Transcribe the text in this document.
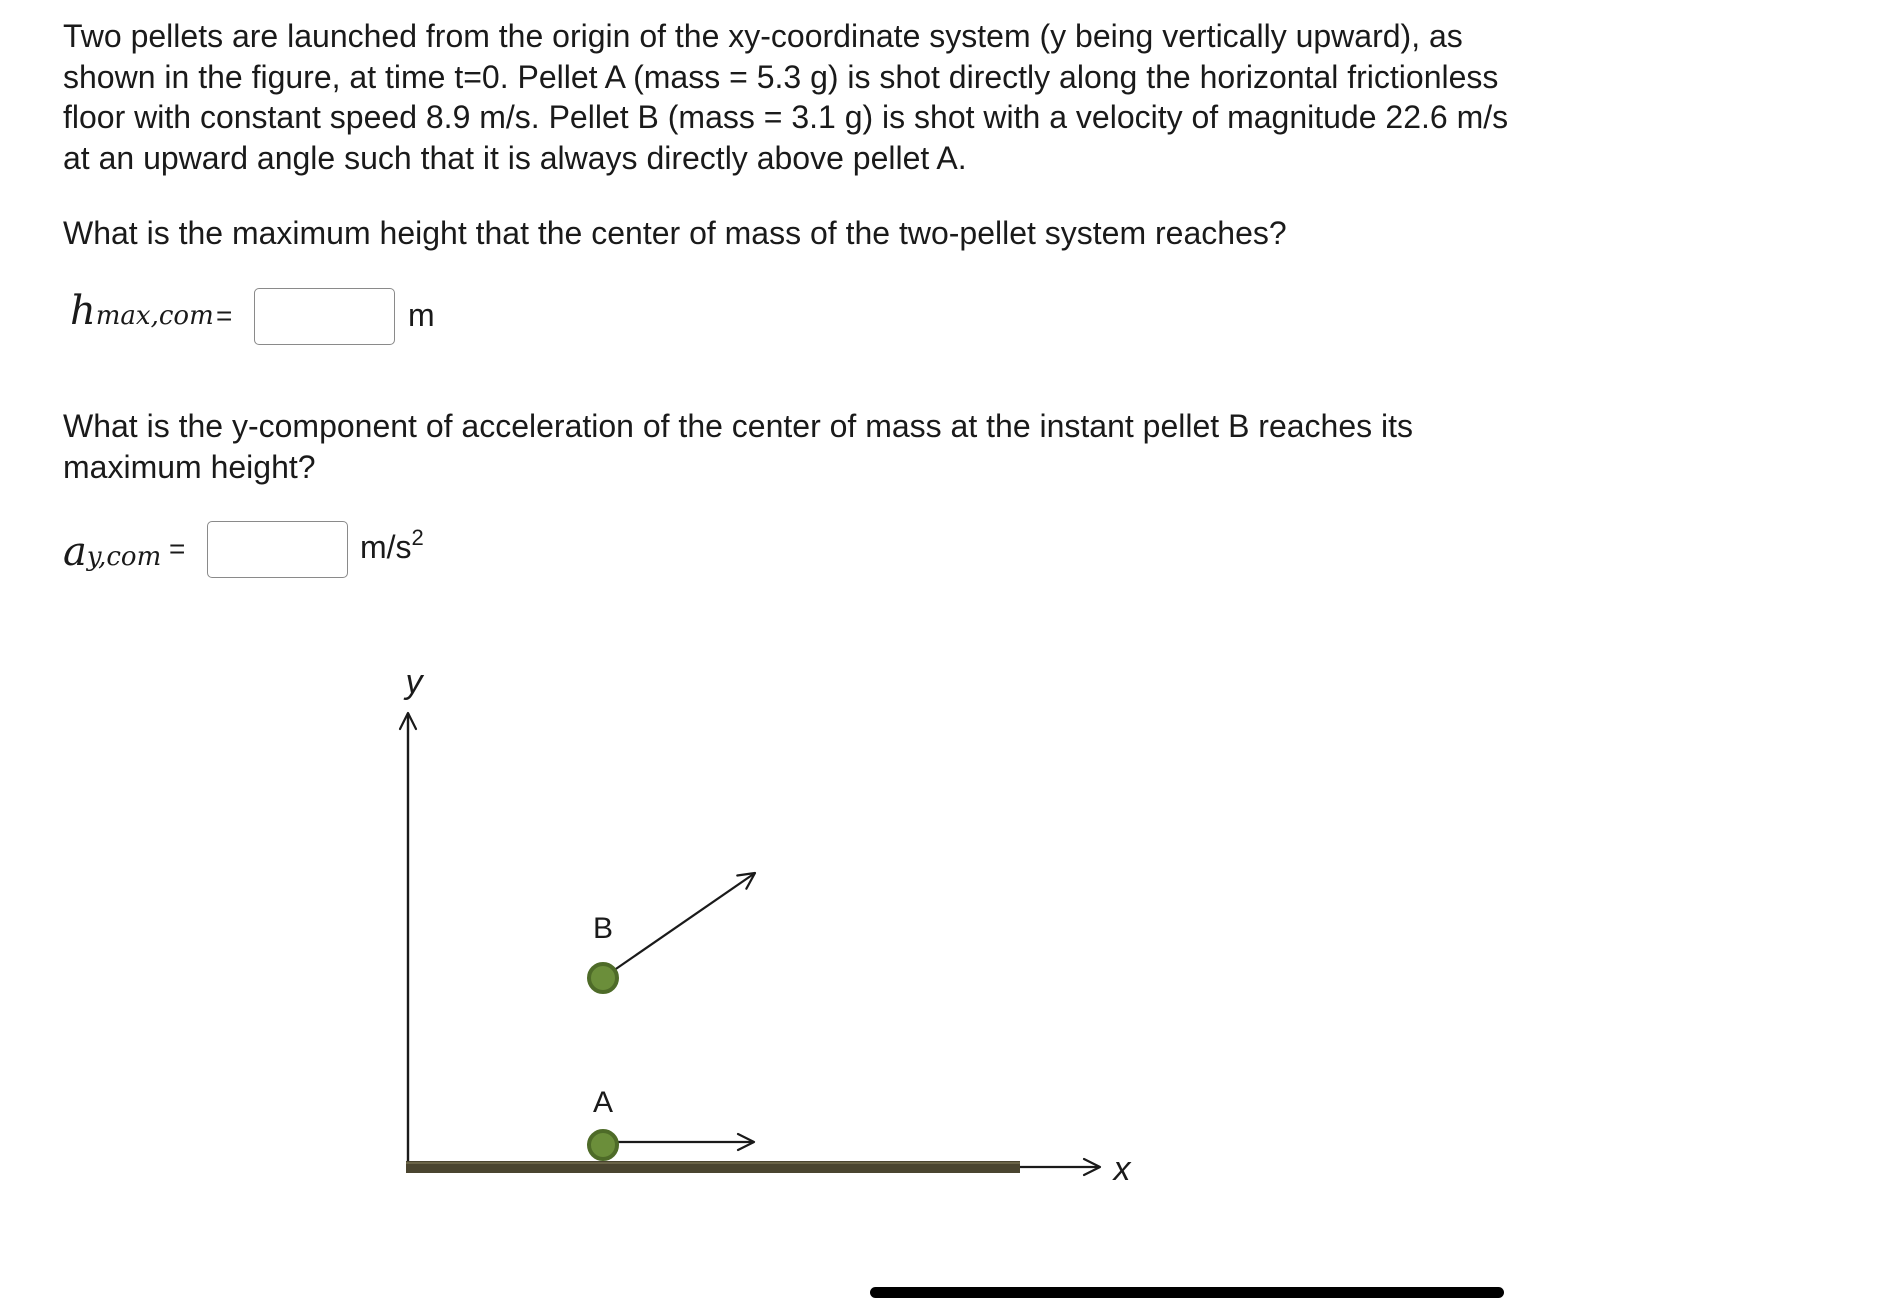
Two pellets are launched from the origin of the xy-coordinate system (y being vertically upward), as shown in the figure, at time t=0. Pellet A (mass = 5.3 g) is shot directly along the horizontal frictionless floor with constant speed 8.9 m/s. Pellet B (mass = 3.1 g) is shot with a velocity of magnitude 22.6 m/s at an upward angle such that it is always directly above pellet A.

What is the maximum height that the center of mass of the two-pellet system reaches?

hmax,com =	m

What is the y-component of acceleration of the center of mass at the instant pellet B reaches its maximum height?

ay,com =	$m/s^2$
y
x
A
B
